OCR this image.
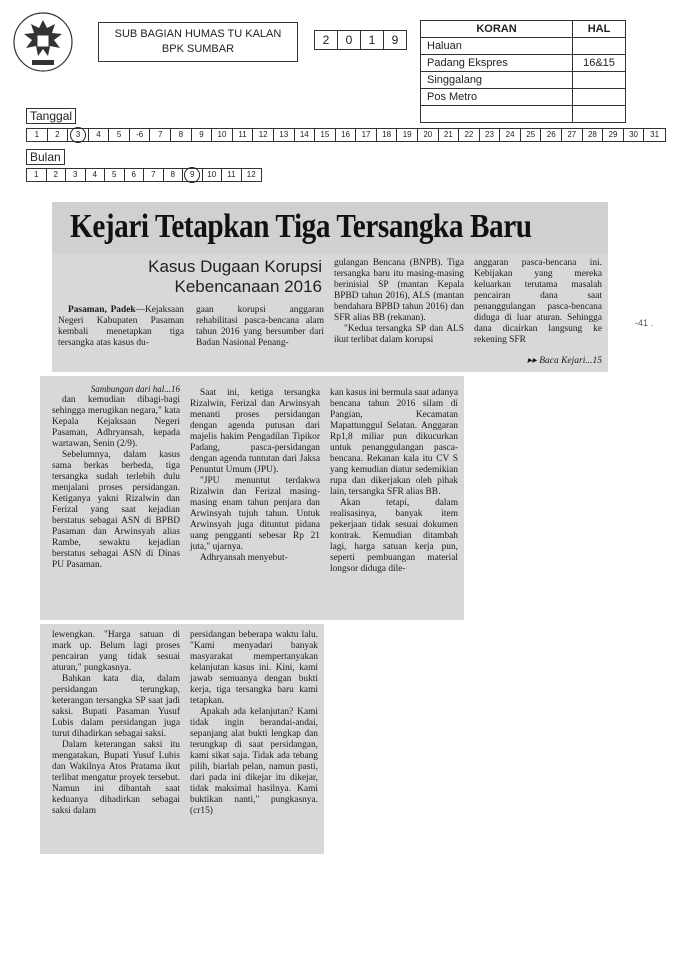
SUB BAGIAN HUMAS TU KALAN
BPK SUMBAR
2	0	1	9
KORAN	HAL
Haluan	
Padang Ekspres	16&15
Singgalang	
Pos Metro	

Tanggal
1	2	3	4	5	-6	7	8	9	10	11	12	13	14	15	16	17	18	19	20	21	22	23	24	25	26	27	28	29	30	31
Bulan
1	2	3	4	5	6	7	8	9	10	11	12
Kejari Tetapkan Tiga Tersangka Baru
Kasus Dugaan Korupsi
Kebencanaan 2016

Pasaman, Padek—Kejaksaan Negeri Kabupaten Pasaman kembali menetapkan tiga tersangka atas kasus du-

gaan korupsi anggaran rehabilitasi pasca-bencana alam tahun 2016 yang bersumber dari Badan Nasional Penang-

gulangan Bencana (BNPB). Tiga tersangka baru itu masing-masing berinisial SP (mantan Kepala BPBD tahun 2016), ALS (mantan bendahara BPBD tahun 2016) dan SFR alias BB (rekanan).

"Kedua tersangka SP dan ALS ikut terlibat dalam korupsi

anggaran pasca-bencana ini. Kebijakan yang mereka keluarkan terutama masalah pencairan dana saat penanggulangan pasca-bencana diduga di luar aturan. Sehingga dana dicairkan langsung ke rekening SFR

▸▸ Baca Kejari...15

-41 .

Sambungan dari hal...16

dan kemudian dibagi-bagi sehingga merugikan negara," kata Kepala Kejaksaan Negeri Pasaman, Adhryansah, kepada wartawan, Senin (2/9).

Sebelumnya, dalam kasus sama berkas berbeda, tiga tersangka sudah terlebih dulu menjalani proses persidangan. Ketiganya yakni Rizalwin dan Ferizal yang saat kejadian berstatus sebagai ASN di BPBD Pasaman dan Arwinsyah alias Rambe, sewaktu kejadian berstatus sebagai ASN di Dinas PU Pasaman.

Saat ini, ketiga tersangka Rizalwin, Ferizal dan Arwinsyah menanti proses persidangan dengan agenda putusan dari majelis hakim Pengadilan Tipikor Padang, pasca-persidangan dengan agenda tuntutan dari Jaksa Penuntut Umum (JPU).

"JPU menuntut terdakwa Rizalwin dan Ferizal masing-masing enam tahun penjara dan Arwinsyah tujuh tahun. Untuk Arwinsyah juga dituntut pidana uang pengganti sebesar Rp 21 juta," ujarnya.

Adhryansah menyebut-

kan kasus ini bermula saat adanya bencana tahun 2016 silam di Pangian, Kecamatan Mapattunggul Selatan. Anggaran Rp1,8 miliar pun dikucurkan untuk penanggulangan pasca-bencana. Rekanan kala itu CV S yang kemudian diatur sedemikian rupa dan dikerjakan oleh pihak lain, tersangka SFR alias BB.

Akan tetapi, dalam realisasinya, banyak item pekerjaan tidak sesuai dokumen kontrak. Kemudian ditambah lagi, harga satuan kerja pun, seperti pembuangan material longsor diduga dile-

lewengkan. "Harga satuan di mark up. Belum lagi proses pencairan yang tidak sesuai aturan," pungkasnya.

Bahkan kata dia, dalam persidangan terungkap, keterangan tersangka SP saat jadi saksi. Bupati Pasaman Yusuf Lubis dalam persidangan juga turut dihadirkan sebagai saksi.

Dalam keterangan saksi itu mengatakan, Bupati Yusuf Lubis dan Wakilnya Atos Pratama ikut terlibat mengatur proyek tersebut. Namun ini dibantah saat keduanya dihadirkan sebagai saksi dalam

persidangan beberapa waktu lalu. "Kami menyadari banyak masyarakat mempertanyakan kelanjutan kasus ini. Kini, kami jawab semuanya dengan bukti kerja, tiga tersangka baru kami tetapkan.

Apakah ada kelanjutan? Kami tidak ingin berandai-andai, sepanjang alat bukti lengkap dan terungkap di saat persidangan, kami sikat saja. Tidak ada tebang pilih, biarlah pelan, namun pasti, dari pada ini dikejar itu dikejar, tidak maksimal hasilnya. Kami buktikan nanti," pungkasnya. (cr15)
